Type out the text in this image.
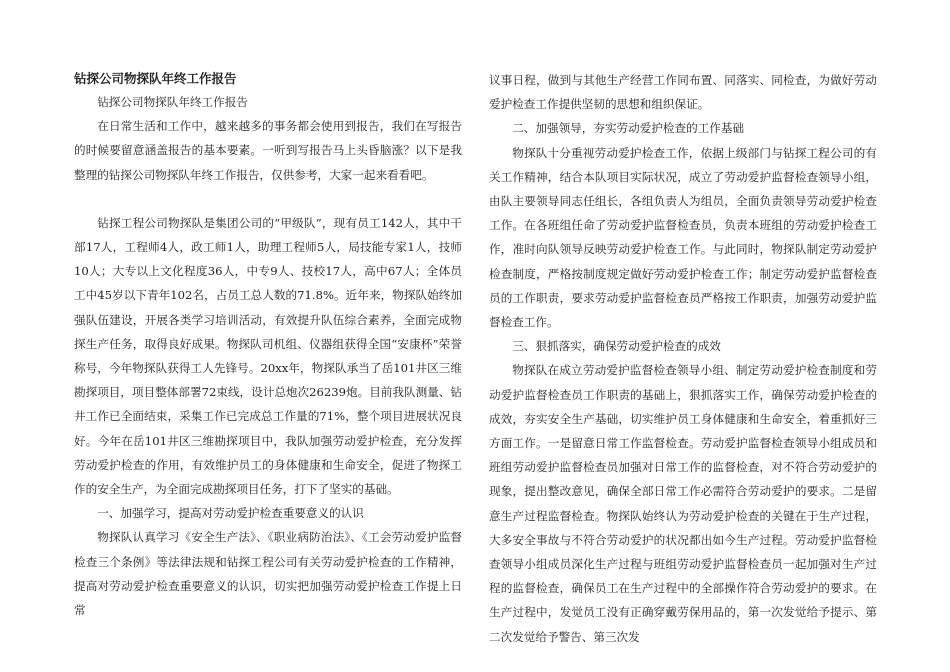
钻探公司物探队年终工作报告

钻探公司物探队年终工作报告

在日常生活和工作中，越来越多的事务都会使用到报告，我们在写报告的时候要留意涵盖报告的基本要素。一听到写报告马上头昏脑涨？以下是我整理的钻探公司物探队年终工作报告，仅供参考，大家一起来看看吧。

钻探工程公司物探队是集团公司的“甲级队”，现有员工142人，其中干部17人，工程师4人，政工师1人，助理工程师5人，局技能专家1人，技师10人；大专以上文化程度36人，中专9人、技校17人，高中67人；全体员工中45岁以下青年102名，占员工总人数的71.8%。近年来，物探队始终加强队伍建设，开展各类学习培训活动，有效提升队伍综合素养，全面完成物探生产任务，取得良好成果。物探队司机组、仪器组获得全国“安康杯”荣誉称号，今年物探队获得工人先锋号。20xx年，物探队承当了岳101井区三维勘探项目，项目整体部署72束线，设计总炮次26239炮。目前我队测量、钻井工作已全面结束，采集工作已完成总工作量的71%，整个项目进展状况良好。今年在岳101井区三维勘探项目中，我队加强劳动爱护检查，充分发挥劳动爱护检查的作用，有效维护员工的身体健康和生命安全，促进了物探工作的安全生产，为全面完成勘探项目任务，打下了坚实的基础。

一、加强学习，提高对劳动爱护检查重要意义的认识

物探队认真学习《安全生产法》、《职业病防治法》、《工会劳动爱护监督检查三个条例》等法律法规和钻探工程公司有关劳动爱护检查的工作精神，提高对劳动爱护检查重要意义的认识，切实把加强劳动爱护检查工作提上日常

议事日程，做到与其他生产经营工作同布置、同落实、同检查，为做好劳动爱护检查工作提供坚韧的思想和组织保证。

二、加强领导，夯实劳动爱护检查的工作基础

物探队十分重视劳动爱护检查工作，依据上级部门与钻探工程公司的有关工作精神，结合本队项目实际状况，成立了劳动爱护监督检查领导小组，由队主要领导同志任组长，各组负责人为组员，全面负责领导劳动爱护检查工作。在各班组任命了劳动爱护监督检查员，负责本班组的劳动爱护检查工作，准时向队领导反映劳动爱护检查工作。与此同时，物探队制定劳动爱护检查制度，严格按制度规定做好劳动爱护检查工作；制定劳动爱护监督检查员的工作职责，要求劳动爱护监督检查员严格按工作职责，加强劳动爱护监督检查工作。

三、狠抓落实，确保劳动爱护检查的成效

物探队在成立劳动爱护监督检查领导小组、制定劳动爱护检查制度和劳动爱护监督检查员工作职责的基础上，狠抓落实工作，确保劳动爱护检查的成效，夯实安全生产基础，切实维护员工身体健康和生命安全，着重抓好三方面工作。一是留意日常工作监督检查。劳动爱护监督检查领导小组成员和班组劳动爱护监督检查员加强对日常工作的监督检查，对不符合劳动爱护的现象，提出整改意见，确保全部日常工作必需符合劳动爱护的要求。二是留意生产过程监督检查。物探队始终认为劳动爱护检查的关键在于生产过程，大多安全事故与不符合劳动爱护的状况都出如今生产过程。劳动爱护监督检查领导小组成员深化生产过程与班组劳动爱护监督检查员一起加强对生产过程的监督检查，确保员工在生产过程中的全部操作符合劳动爱护的要求。在生产过程中，发觉员工没有正确穿戴劳保用品的，第一次发觉给予提示、第二次发觉给予警告、第三次发
